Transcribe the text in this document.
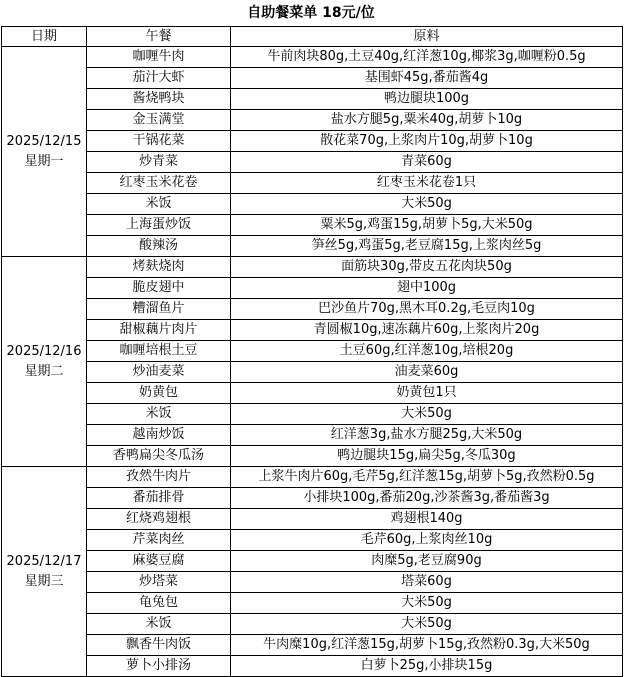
自助餐菜单 18元/位
日期	午餐	原料

2025/12/15
星期一	咖喱牛肉	牛前肉块80g,土豆40g,红洋葱10g,椰浆3g,咖喱粉0.5g
	茄汁大虾	基围虾45g,番茄酱4g
	酱烧鸭块	鸭边腿块100g
	金玉满堂	盐水方腿5g,粟米40g,胡萝卜10g
	干锅花菜	散花菜70g,上浆肉片10g,胡萝卜10g
	炒青菜	青菜60g
	红枣玉米花卷	红枣玉米花卷1只
	米饭	大米50g
	上海蛋炒饭	粟米5g,鸡蛋15g,胡萝卜5g,大米50g
	酸辣汤	笋丝5g,鸡蛋5g,老豆腐15g,上浆肉丝5g

2025/12/16
星期二	烤麸烧肉	面筋块30g,带皮五花肉块50g
	脆皮翅中	翅中100g
	糟溜鱼片	巴沙鱼片70g,黑木耳0.2g,毛豆肉10g
	甜椒藕片肉片	青圆椒10g,速冻藕片60g,上浆肉片20g
	咖喱培根土豆	土豆60g,红洋葱10g,培根20g
	炒油麦菜	油麦菜60g
	奶黄包	奶黄包1只
	米饭	大米50g
	越南炒饭	红洋葱3g,盐水方腿25g,大米50g
	香鸭扁尖冬瓜汤	鸭边腿块15g,扁尖5g,冬瓜30g

2025/12/17
星期三	孜然牛肉片	上浆牛肉片60g,毛芹5g,红洋葱15g,胡萝卜5g,孜然粉0.5g
	番茄排骨	小排块100g,番茄20g,沙茶酱3g,番茄酱3g
	红烧鸡翅根	鸡翅根140g
	芹菜肉丝	毛芹60g,上浆肉丝10g
	麻婆豆腐	肉糜5g,老豆腐90g
	炒塔菜	塔菜60g
	龟兔包	大米50g
	米饭	大米50g
	飘香牛肉饭	牛肉糜10g,红洋葱15g,胡萝卜15g,孜然粉0.3g,大米50g
	萝卜小排汤	白萝卜25g,小排块15g
